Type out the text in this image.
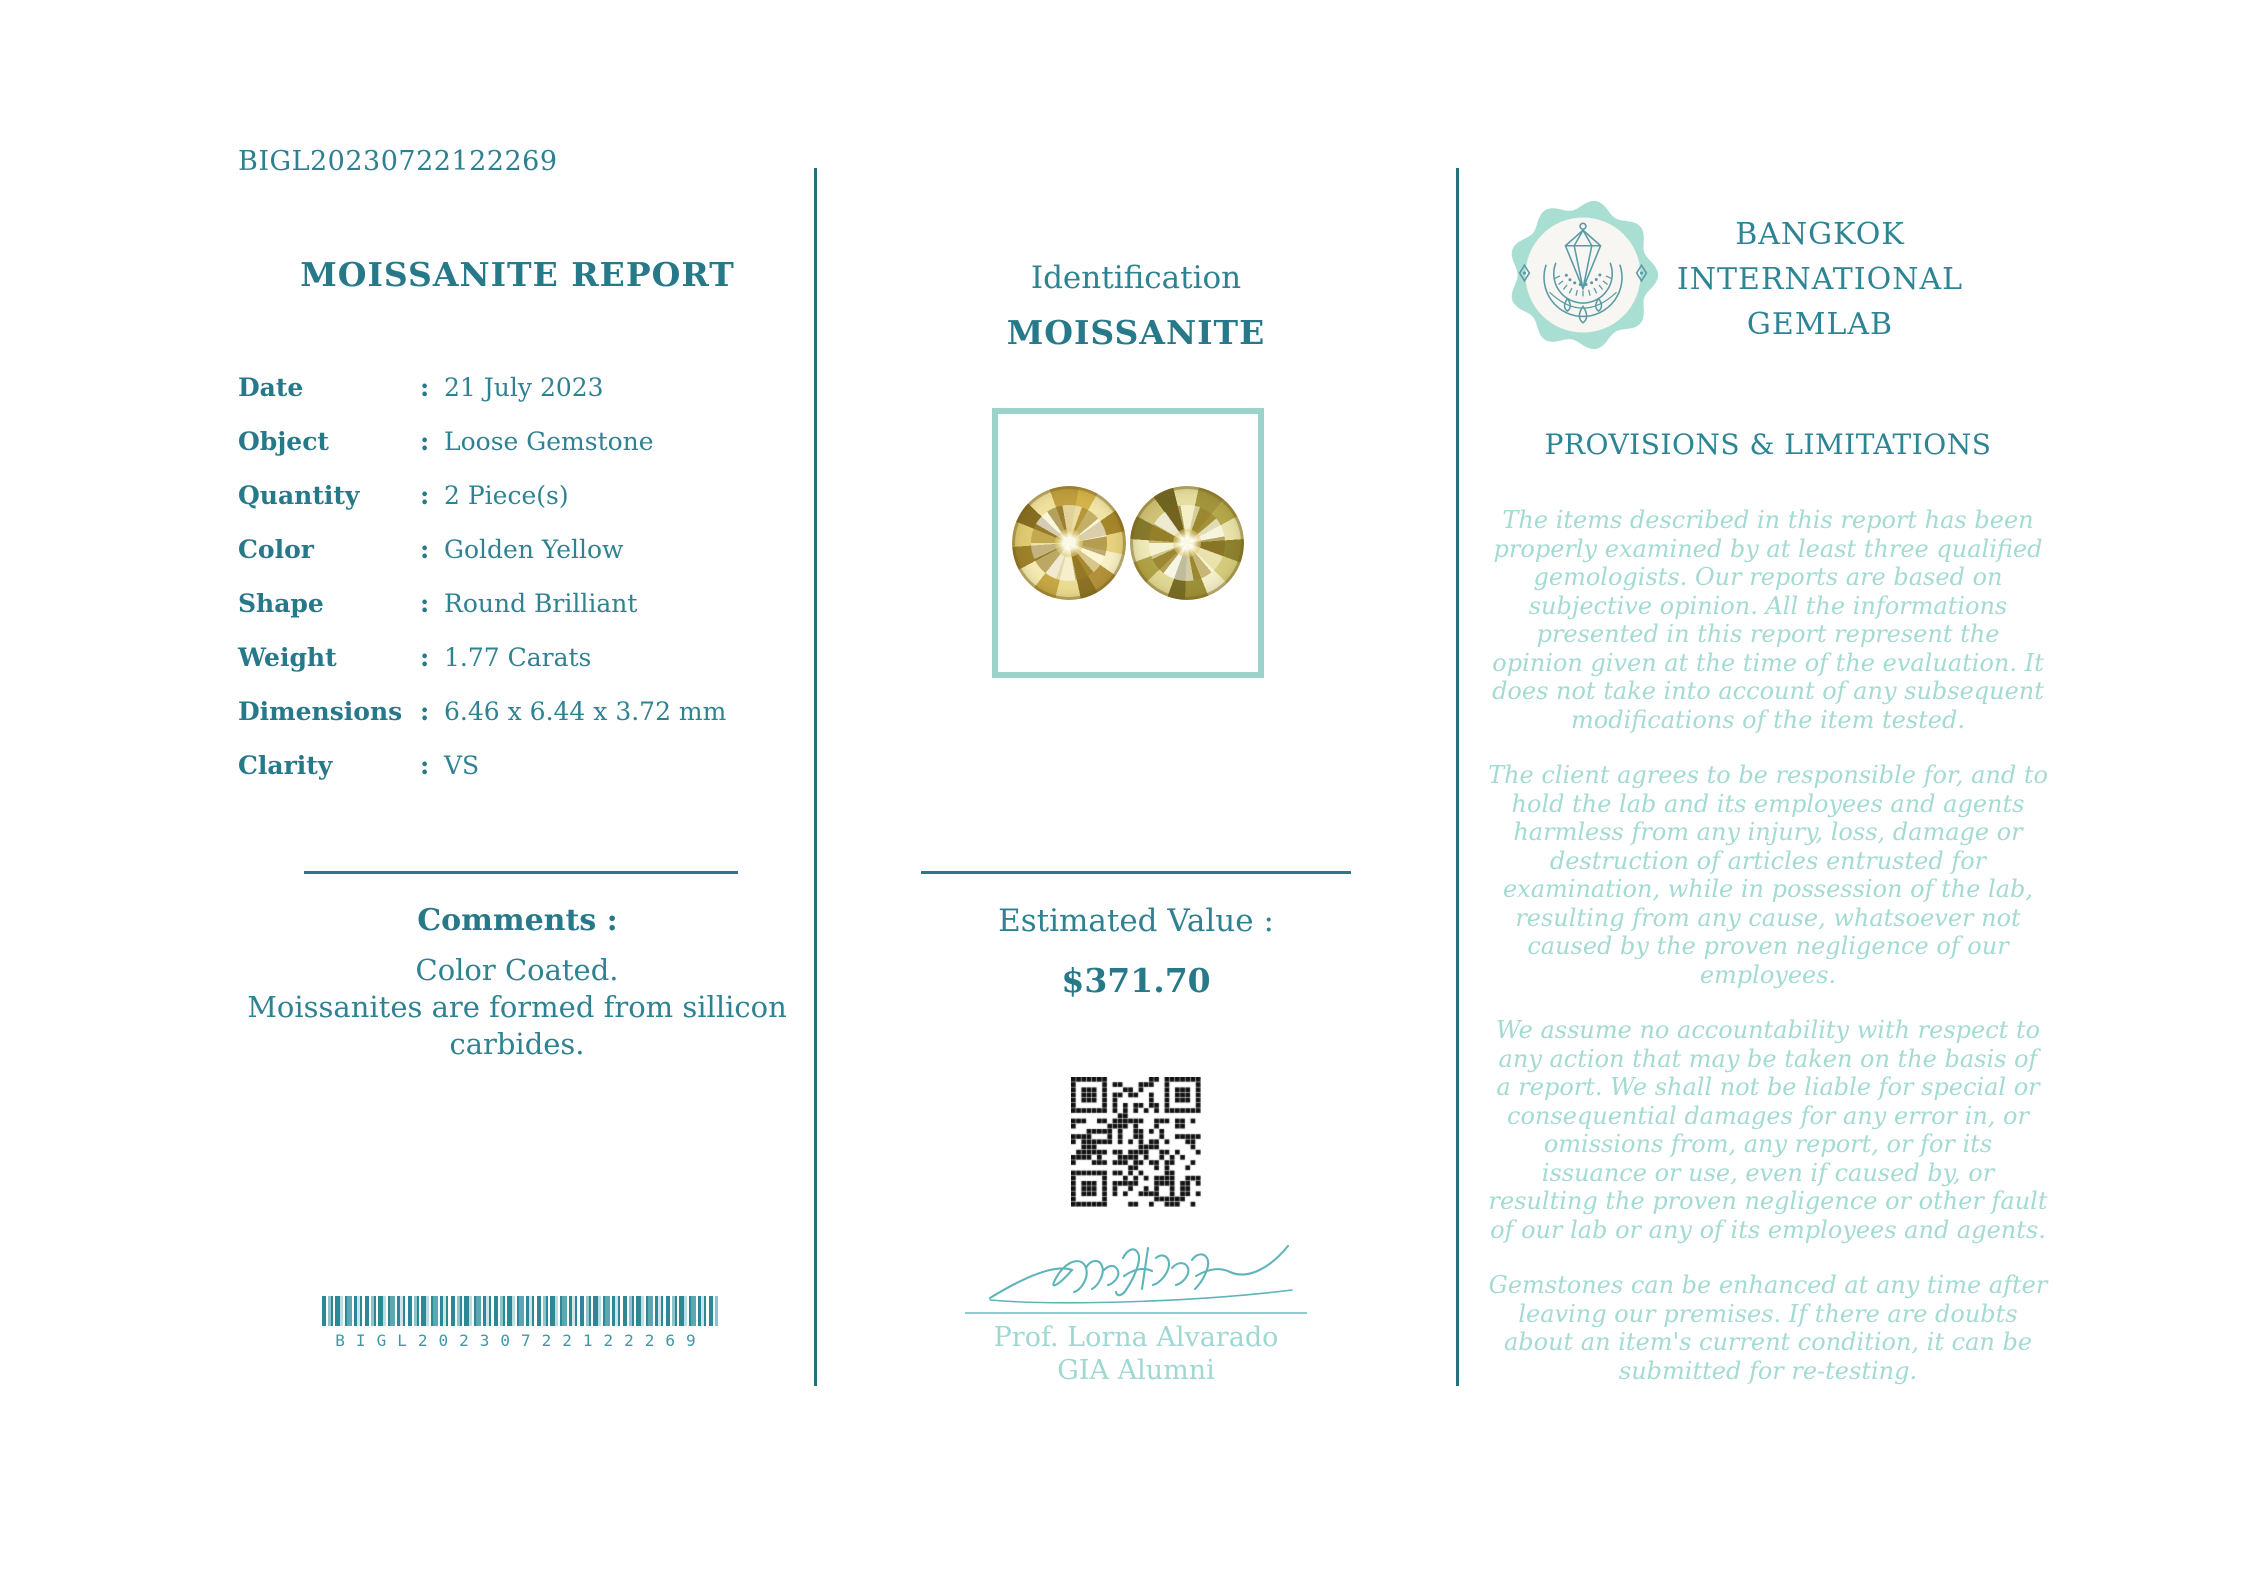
BIGL20230722122269
MOISSANITE REPORT
Date	: 21 July 2023
Object	: Loose Gemstone
Quantity	: 2 Piece(s)
Color	: Golden Yellow
Shape	: Round Brilliant
Weight	: 1.77 Carats
Dimensions : 6.46 x 6.44 x 3.72 mm
Clarity	: VS
Comments :
Color Coated.
Moissanites are formed from sillicon carbides.
BIGL20230722122269
Identification
MOISSANITE
Estimated Value :
$371.70
Prof. Lorna Alvarado
GIA Alumni
BANGKOK
INTERNATIONAL
GEMLAB
PROVISIONS & LIMITATIONS

The items described in this report has been properly examined by at least three qualified gemologists. Our reports are based on subjective opinion. All the informations presented in this report represent the opinion given at the time of the evaluation. It does not take into account of any subsequent modifications of the item tested.

The client agrees to be responsible for, and to hold the lab and its employees and agents harmless from any injury, loss, damage or destruction of articles entrusted for examination, while in possession of the lab, resulting from any cause, whatsoever not caused by the proven negligence of our employees.

We assume no accountability with respect to any action that may be taken on the basis of a report. We shall not be liable for special or consequential damages for any error in, or omissions from, any report, or for its issuance or use, even if caused by, or resulting the proven negligence or other fault of our lab or any of its employees and agents.

Gemstones can be enhanced at any time after leaving our premises. If there are doubts about an item's current condition, it can be submitted for re-testing.
